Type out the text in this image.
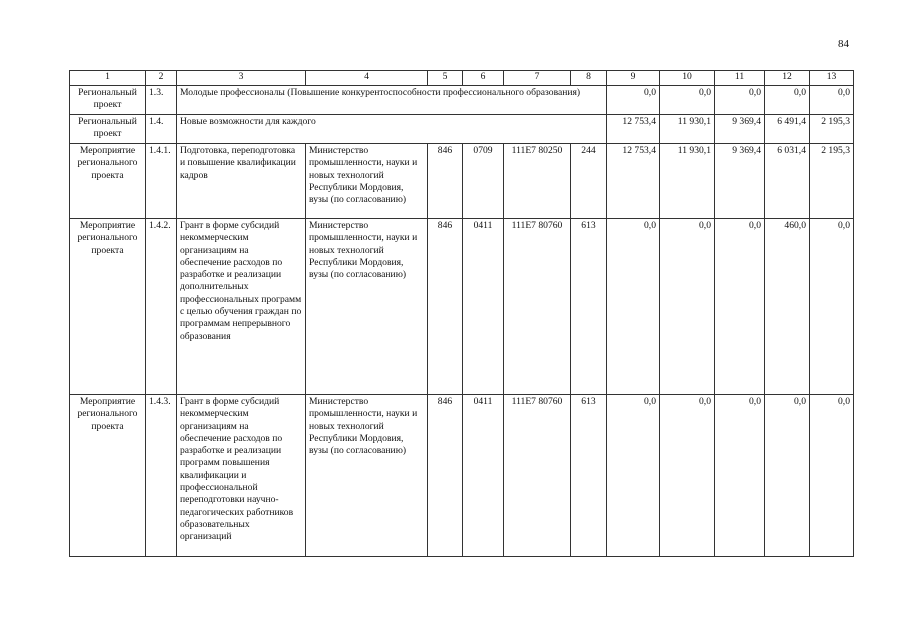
84
1	2	3	4	5	6	7	8	9	10	11	12	13
Региональный проект	1.3.	Молодые профессионалы (Повышение конкурентоспособности профессионального образования)						0,0	0,0	0,0	0,0	0,0
Региональный проект	1.4.	Новые возможности для каждого						12 753,4	11 930,1	9 369,4	6 491,4	2 195,3
Мероприятие регионального проекта	1.4.1.	Подготовка, переподготовка и повышение квалификации кадров	Министерство промышленности, науки и новых технологий Республики Мордовия, вузы (по согласованию)	846	0709	111E7 80250	244	12 753,4	11 930,1	9 369,4	6 031,4	2 195,3
Мероприятие регионального проекта	1.4.2.	Грант в форме субсидий некоммерческим организациям на обеспечение расходов по разработке и реализации дополнительных профессиональных программ с целью обучения граждан по программам непрерывного образования	Министерство промышленности, науки и новых технологий Республики Мордовия, вузы (по согласованию)	846	0411	111E7 80760	613	0,0	0,0	0,0	460,0	0,0
Мероприятие регионального проекта	1.4.3.	Грант в форме субсидий некоммерческим организациям на обеспечение расходов по разработке и реализации программ повышения квалификации и профессиональной переподготовки научно-педагогических работников образовательных организаций	Министерство промышленности, науки и новых технологий Республики Мордовия, вузы (по согласованию)	846	0411	111E7 80760	613	0,0	0,0	0,0	0,0	0,0
